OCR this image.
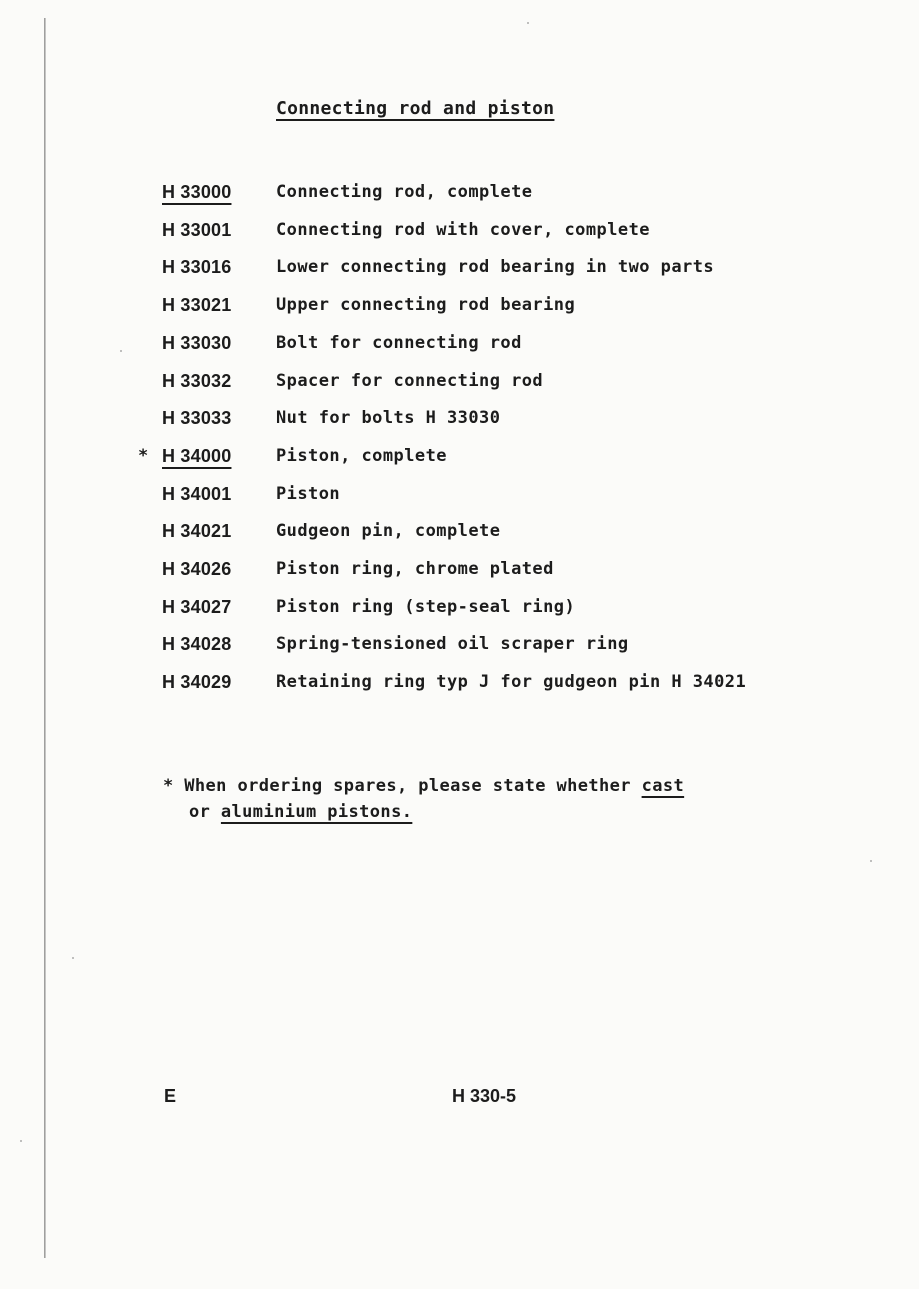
Connecting rod and piston
H 33000	Connecting rod, complete
H 33001	Connecting rod with cover, complete
H 33016	Lower connecting rod bearing in two parts
H 33021	Upper connecting rod bearing
H 33030	Bolt for connecting rod
H 33032	Spacer for connecting rod
H 33033	Nut for bolts H 33030
* H 34000	Piston, complete
H 34001	Piston
H 34021	Gudgeon pin, complete
H 34026	Piston ring, chrome plated
H 34027	Piston ring (step-seal ring)
H 34028	Spring-tensioned oil scraper ring
H 34029	Retaining ring typ J for gudgeon pin H 34021
* When ordering spares, please state whether cast
or aluminium pistons.
E	H 330-5
